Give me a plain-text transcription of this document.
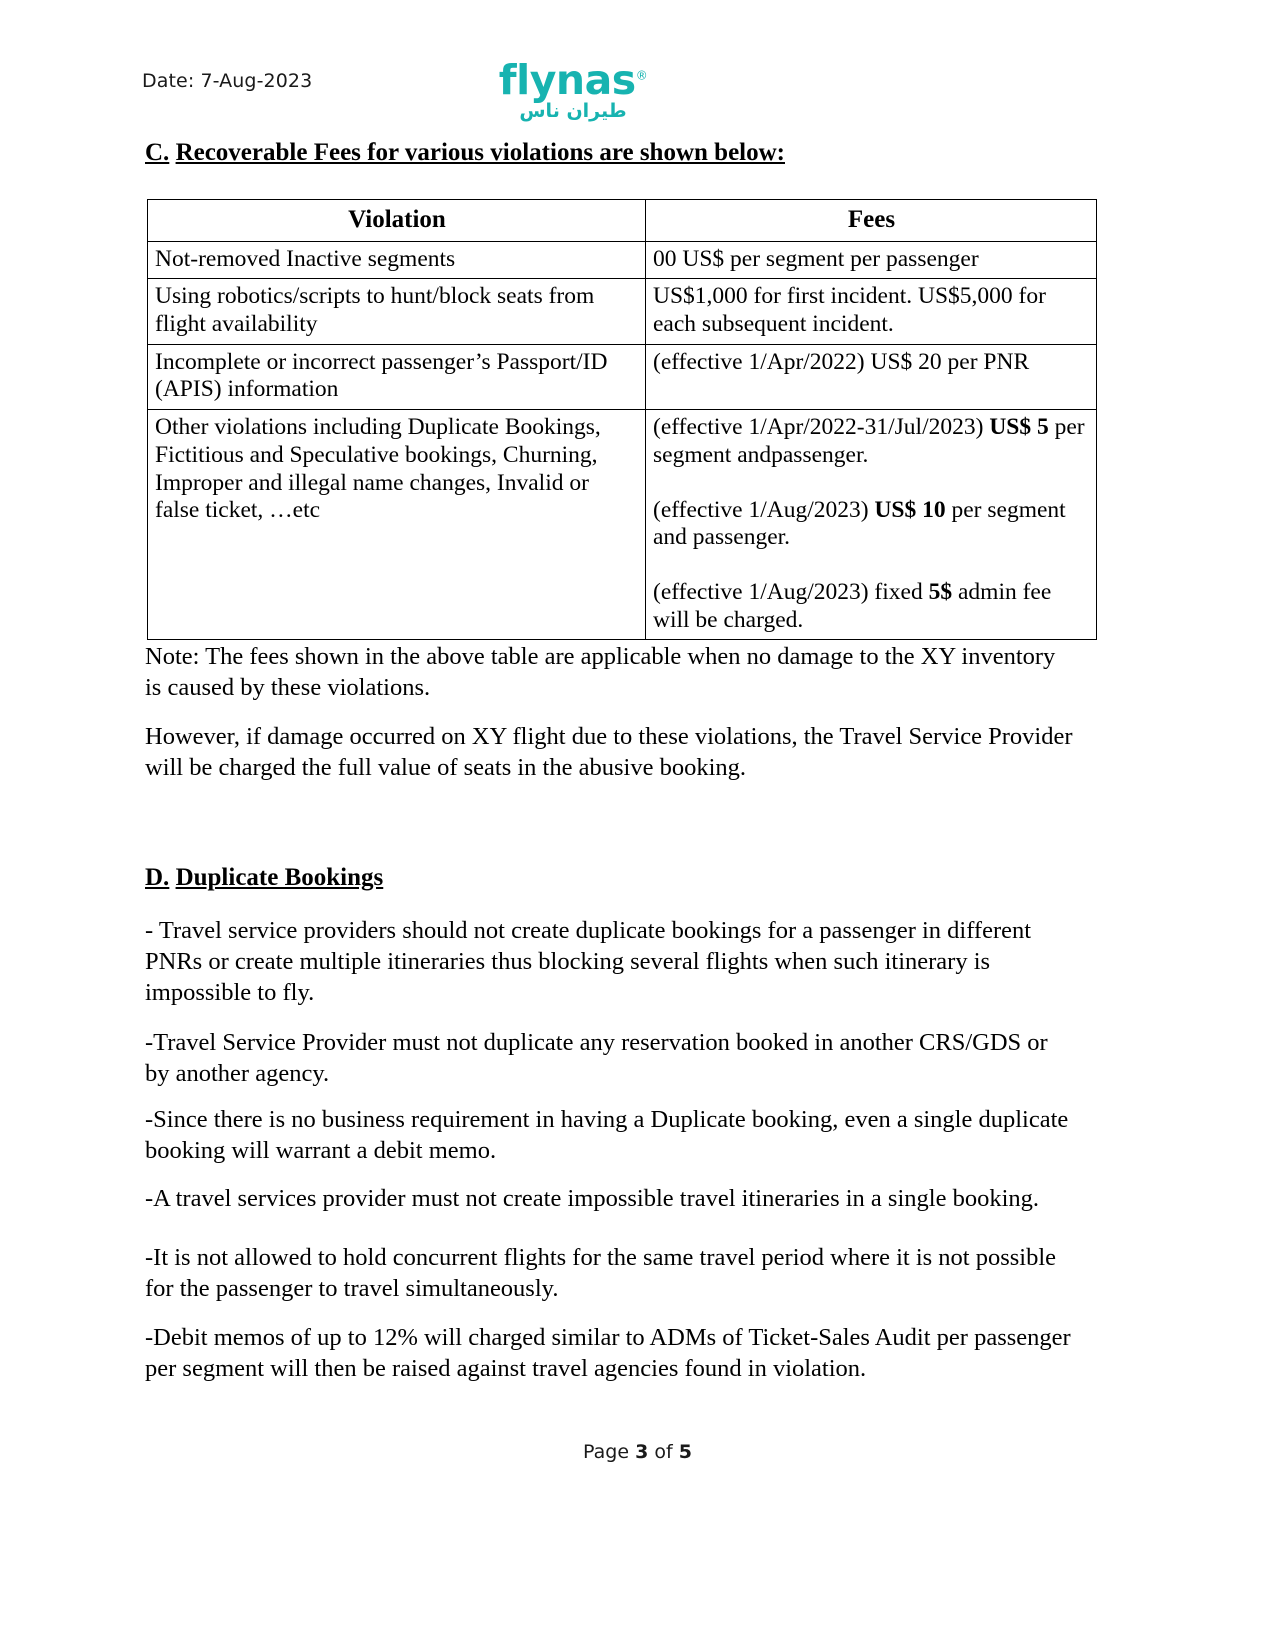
Date: 7-Aug-2023	flynas®
طيران ناس
C. Recoverable Fees for various violations are shown below:
Violation	Fees
Not-removed Inactive segments	00 US$ per segment per passenger
Using robotics/scripts to hunt/block seats from flight availability	US$1,000 for first incident. US$5,000 for each subsequent incident.
Incomplete or incorrect passenger’s Passport/ID (APIS) information	(effective 1/Apr/2022) US$ 20 per PNR
Other violations including Duplicate Bookings, Fictitious and Speculative bookings, Churning, Improper and illegal name changes, Invalid or false ticket, …etc	(effective 1/Apr/2022-31/Jul/2023) US$ 5 per segment andpassenger.

(effective 1/Aug/2023) US$ 10 per segment and passenger.

(effective 1/Aug/2023) fixed 5$ admin fee will be charged.

Note: The fees shown in the above table are applicable when no damage to the XY inventory is caused by these violations.
However, if damage occurred on XY flight due to these violations, the Travel Service Provider will be charged the full value of seats in the abusive booking.
D. Duplicate Bookings
- Travel service providers should not create duplicate bookings for a passenger in different PNRs or create multiple itineraries thus blocking several flights when such itinerary is impossible to fly.
-Travel Service Provider must not duplicate any reservation booked in another CRS/GDS or by another agency.
-Since there is no business requirement in having a Duplicate booking, even a single duplicate booking will warrant a debit memo.
-A travel services provider must not create impossible travel itineraries in a single booking.
-It is not allowed to hold concurrent flights for the same travel period where it is not possible for the passenger to travel simultaneously.
-Debit memos of up to 12% will charged similar to ADMs of Ticket-Sales Audit per passenger per segment will then be raised against travel agencies found in violation.
Page 3 of 5
